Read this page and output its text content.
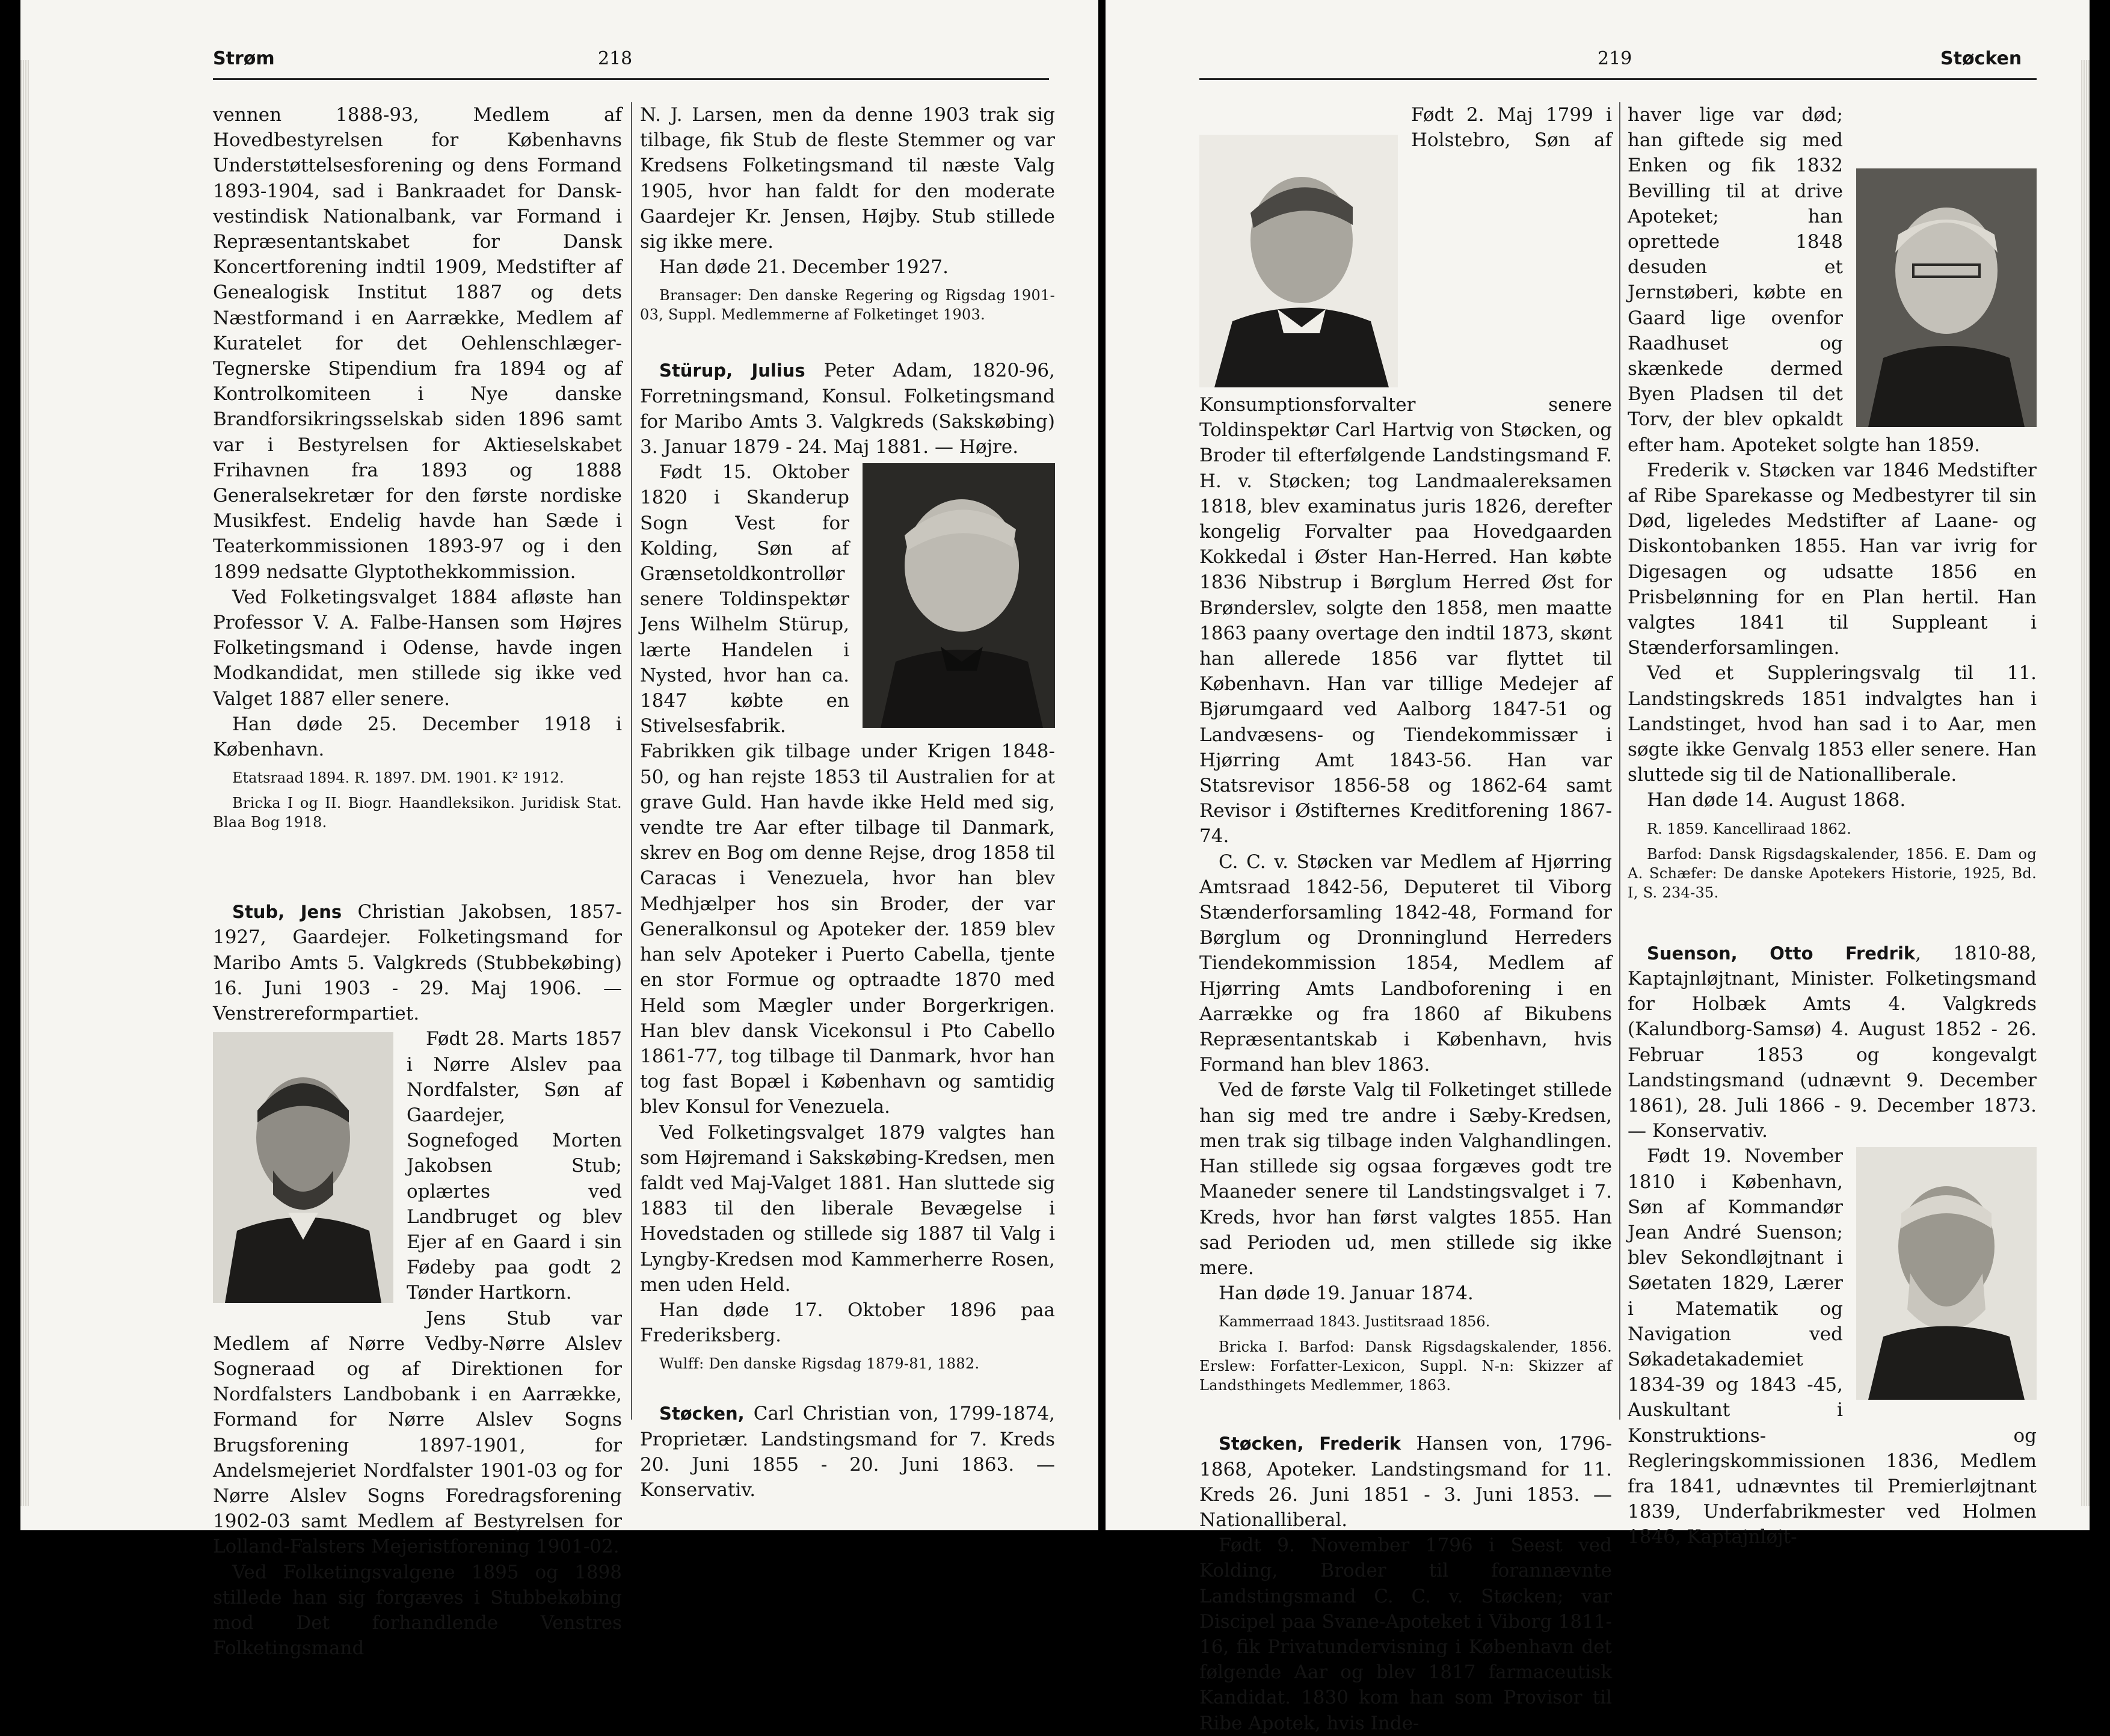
Strøm	218

vennen 1888-93, Medlem af Hovedbestyrelsen for Københavns Understøttelsesforening og dens Formand 1893-1904, sad i Bankraadet for Dansk-vestindisk Nationalbank, var Formand i Repræsentantskabet for Dansk Koncertforening indtil 1909, Medstifter af Genealogisk Institut 1887 og dets Næstformand i en Aarrække, Medlem af Kuratelet for det Oehlenschlæger-Tegnerske Stipendium fra 1894 og af Kontrolkomiteen i Nye danske Brandforsikringsselskab siden 1896 samt var i Bestyrelsen for Aktieselskabet Frihavnen fra 1893 og 1888 Generalsekretær for den første nordiske Musikfest. Endelig havde han Sæde i Teaterkommissionen 1893-97 og i den 1899 nedsatte Glyptothekkommission.

Ved Folketingsvalget 1884 afløste han Professor V. A. Falbe-Hansen som Højres Folketingsmand i Odense, havde ingen Modkandidat, men stillede sig ikke ved Valget 1887 eller senere.

Han døde 25. December 1918 i København.

Etatsraad 1894. R. 1897. DM. 1901. K² 1912.

Bricka I og II. Biogr. Haandleksikon. Juridisk Stat. Blaa Bog 1918.

Stub, Jens Christian Jakobsen, 1857-1927, Gaardejer. Folketingsmand for Maribo Amts 5. Valgkreds (Stubbekøbing) 16. Juni 1903 - 29. Maj 1906. — Venstrereformpartiet.

Født 28. Marts 1857 i Nørre Alslev paa Nordfalster, Søn af Gaardejer, Sognefoged Morten Jakobsen Stub; oplærtes ved Landbruget og blev Ejer af en Gaard i sin Fødeby paa godt 2 Tønder Hartkorn.

Jens Stub var Medlem af Nørre Vedby-Nørre Alslev Sogneraad og af Direktionen for Nordfalsters Landbobank i en Aarrække, Formand for Nørre Alslev Sogns Brugsforening 1897-1901, for Andelsmejeriet Nordfalster 1901-03 og for Nørre Alslev Sogns Foredragsforening 1902-03 samt Medlem af Bestyrelsen for Lolland-Falsters Mejeristforening 1901-02.

Ved Folketingsvalgene 1895 og 1898 stillede han sig forgæves i Stubbekøbing mod Det forhandlende Venstres Folketingsmand

N. J. Larsen, men da denne 1903 trak sig tilbage, fik Stub de fleste Stemmer og var Kredsens Folketingsmand til næste Valg 1905, hvor han faldt for den moderate Gaardejer Kr. Jensen, Højby. Stub stillede sig ikke mere.

Han døde 21. December 1927.

Bransager: Den danske Regering og Rigsdag 1901-03, Suppl. Medlemmerne af Folketinget 1903.

Stürup, Julius Peter Adam, 1820-96, Forretningsmand, Konsul. Folketingsmand for Maribo Amts 3. Valgkreds (Sakskøbing) 3. Januar 1879 - 24. Maj 1881. — Højre.

Født 15. Oktober 1820 i Skanderup Sogn Vest for Kolding, Søn af Grænsetoldkontrollør senere Toldinspektør Jens Wilhelm Stürup, lærte Handelen i Nysted, hvor han ca. 1847 købte en Stivelsesfabrik. Fabrikken gik tilbage under Krigen 1848-50, og han rejste 1853 til Australien for at grave Guld. Han havde ikke Held med sig, vendte tre Aar efter tilbage til Danmark, skrev en Bog om denne Rejse, drog 1858 til Caracas i Venezuela, hvor han blev Medhjælper hos sin Broder, der var Generalkonsul og Apoteker der. 1859 blev han selv Apoteker i Puerto Cabella, tjente en stor Formue og optraadte 1870 med Held som Mægler under Borgerkrigen. Han blev dansk Vicekonsul i Pto Cabello 1861-77, tog tilbage til Danmark, hvor han tog fast Bopæl i København og samtidig blev Konsul for Venezuela.

Ved Folketingsvalget 1879 valgtes han som Højremand i Sakskøbing-Kredsen, men faldt ved Maj-Valget 1881. Han sluttede sig 1883 til den liberale Bevægelse i Hovedstaden og stillede sig 1887 til Valg i Lyngby-Kredsen mod Kammerherre Rosen, men uden Held.

Han døde 17. Oktober 1896 paa Frederiksberg.

Wulff: Den danske Rigsdag 1879-81, 1882.

Støcken, Carl Christian von, 1799-1874, Proprietær. Landstingsmand for 7. Kreds 20. Juni 1855 - 20. Juni 1863. — Konservativ.

219	Støcken

Født 2. Maj 1799 i Holstebro, Søn af Konsumptionsforvalter senere Toldinspektør Carl Hartvig von Støcken, og Broder til efterfølgende Landstingsmand F. H. v. Støcken; tog Landmaalereksamen 1818, blev examinatus juris 1826, derefter kongelig Forvalter paa Hovedgaarden Kokkedal i Øster Han-Herred. Han købte 1836 Nibstrup i Børglum Herred Øst for Brønderslev, solgte den 1858, men maatte 1863 paany overtage den indtil 1873, skønt han allerede 1856 var flyttet til København. Han var tillige Medejer af Bjørumgaard ved Aalborg 1847-51 og Landvæsens- og Tiendekommissær i Hjørring Amt 1843-56. Han var Statsrevisor 1856-58 og 1862-64 samt Revisor i Østifternes Kreditforening 1867-74.

C. C. v. Støcken var Medlem af Hjørring Amtsraad 1842-56, Deputeret til Viborg Stænderforsamling 1842-48, Formand for Børglum og Dronninglund Herreders Tiendekommission 1854, Medlem af Hjørring Amts Landboforening i en Aarrække og fra 1860 af Bikubens Repræsentantskab i København, hvis Formand han blev 1863.

Ved de første Valg til Folketinget stillede han sig med tre andre i Sæby-Kredsen, men trak sig tilbage inden Valghandlingen. Han stillede sig ogsaa forgæves godt tre Maaneder senere til Landstingsvalget i 7. Kreds, hvor han først valgtes 1855. Han sad Perioden ud, men stillede sig ikke mere.

Han døde 19. Januar 1874.

Kammerraad 1843. Justitsraad 1856.

Bricka I. Barfod: Dansk Rigsdagskalender, 1856. Erslew: Forfatter-Lexicon, Suppl. N-n: Skizzer af Landsthingets Medlemmer, 1863.

Støcken, Frederik Hansen von, 1796-1868, Apoteker. Landstingsmand for 11. Kreds 26. Juni 1851 - 3. Juni 1853. — Nationalliberal.

Født 9. November 1796 i Seest ved Kolding, Broder til forannævnte Landstingsmand C. C. v. Støcken; var Discipel paa Svane-Apoteket i Viborg 1811-16, fik Privatundervisning i København det følgende Aar og blev 1817 farmaceutisk Kandidat. 1830 kom han som Provisor til Ribe Apotek, hvis Inde-

haver lige var død; han giftede sig med Enken og fik 1832 Bevilling til at drive Apoteket; han oprettede 1848 desuden et Jernstøberi, købte en Gaard lige ovenfor Raadhuset og skænkede dermed Byen Pladsen til det Torv, der blev opkaldt efter ham. Apoteket solgte han 1859.

Frederik v. Støcken var 1846 Medstifter af Ribe Sparekasse og Medbestyrer til sin Død, ligeledes Medstifter af Laane- og Diskontobanken 1855. Han var ivrig for Digesagen og udsatte 1856 en Prisbelønning for en Plan hertil. Han valgtes 1841 til Suppleant i Stænderforsamlingen.

Ved et Suppleringsvalg til 11. Landstingskreds 1851 indvalgtes han i Landstinget, hvod han sad i to Aar, men søgte ikke Genvalg 1853 eller senere. Han sluttede sig til de Nationalliberale.

Han døde 14. August 1868.

R. 1859. Kancelliraad 1862.

Barfod: Dansk Rigsdagskalender, 1856. E. Dam og A. Schæfer: De danske Apotekers Historie, 1925, Bd. I, S. 234-35.

Suenson, Otto Fredrik, 1810-88, Kaptajnløjtnant, Minister. Folketingsmand for Holbæk Amts 4. Valgkreds (Kalundborg-Samsø) 4. August 1852 - 26. Februar 1853 og kongevalgt Landstingsmand (udnævnt 9. December 1861), 28. Juli 1866 - 9. December 1873. — Konservativ.

Født 19. November 1810 i København, Søn af Kommandør Jean André Suenson; blev Sekondløjtnant i Søetaten 1829, Lærer i Matematik og Navigation ved Søkadetakademiet 1834-39 og 1843 -45, Auskultant i Konstruktions- og Regleringskommissionen 1836, Medlem fra 1841, udnævntes til Premierløjtnant 1839, Underfabrikmester ved Holmen 1846, Kaptajnløjt-
